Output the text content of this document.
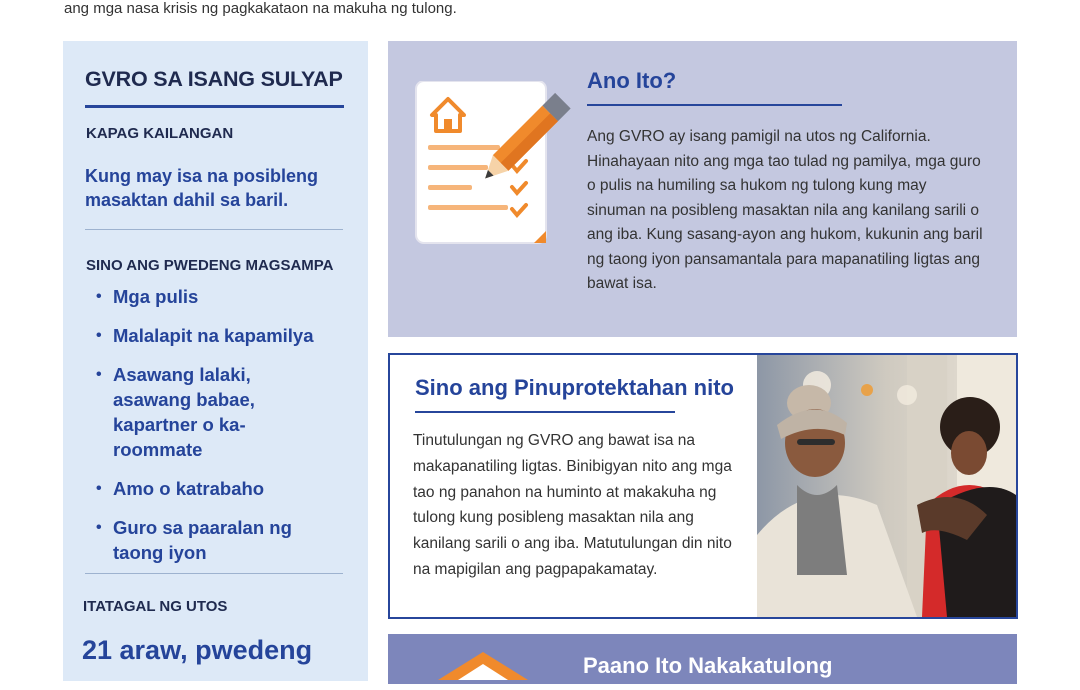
ang mga nasa krisis ng pagkakataon na makuha ng tulong.
GVRO SA ISANG SULYAP
KAPAG KAILANGAN
Kung may isa na posibleng masaktan dahil sa baril.
SINO ANG PWEDENG MAGSAMPA
• Mga pulis
• Malalapit na kapamilya
• Asawang lalaki, asawang babae, kapartner o ka-roommate
• Amo o katrabaho
• Guro sa paaralan ng taong iyon
ITATAGAL NG UTOS
21 araw, pwedeng
Ano Ito?
Ang GVRO ay isang pamigil na utos ng California. Hinahayaan nito ang mga tao tulad ng pamilya, mga guro o pulis na humiling sa hukom ng tulong kung may sinuman na posibleng masaktan nila ang kanilang sarili o ang iba. Kung sasang-ayon ang hukom, kukunin ang baril ng taong iyon pansamantala para mapanatiling ligtas ang bawat isa.
Sino ang Pinuprotektahan nito
Tinutulungan ng GVRO ang bawat isa na makapanatiling ligtas. Binibigyan nito ang mga tao ng panahon na huminto at makakuha ng tulong kung posibleng masaktan nila ang kanilang sarili o ang iba. Matutulungan din nito na mapigilan ang pagpapakamatay.
Paano Ito Nakakatulong
